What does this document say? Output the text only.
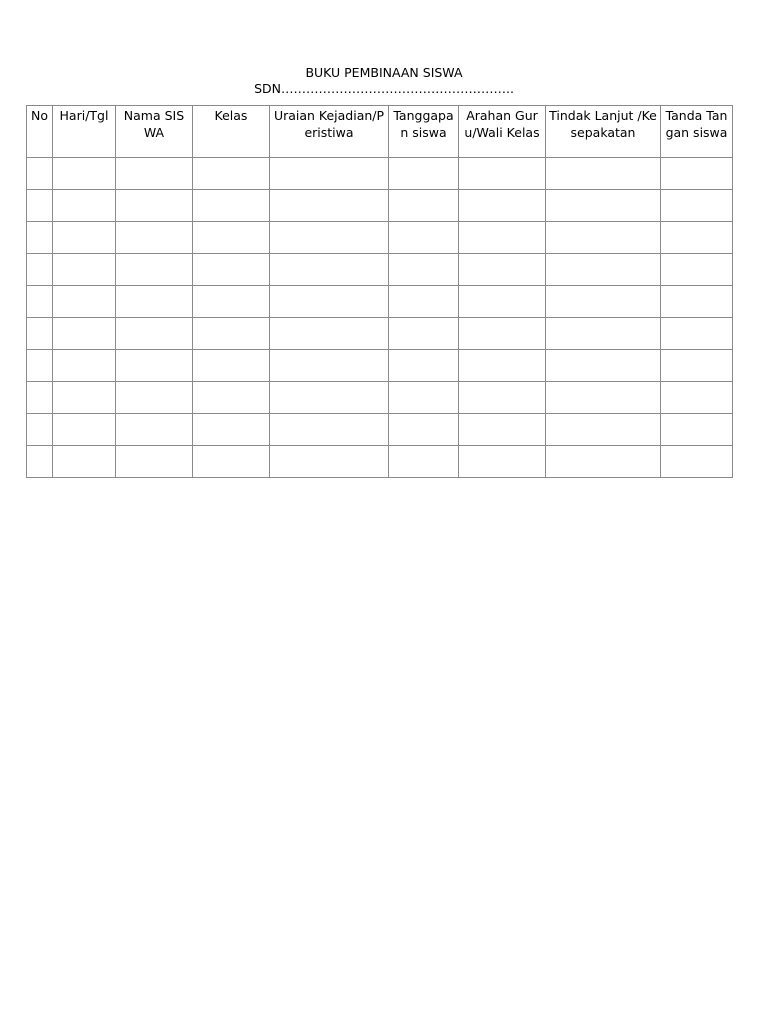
BUKU PEMBINAAN SISWA
SDN………………………………………………..
No	Hari/Tgl	Nama SISWA	Kelas	Uraian Kejadian/Peristiwa	Tanggapan siswa	Arahan Guru/Wali Kelas	Tindak Lanjut /Kesepakatan	Tanda Tangan siswa
